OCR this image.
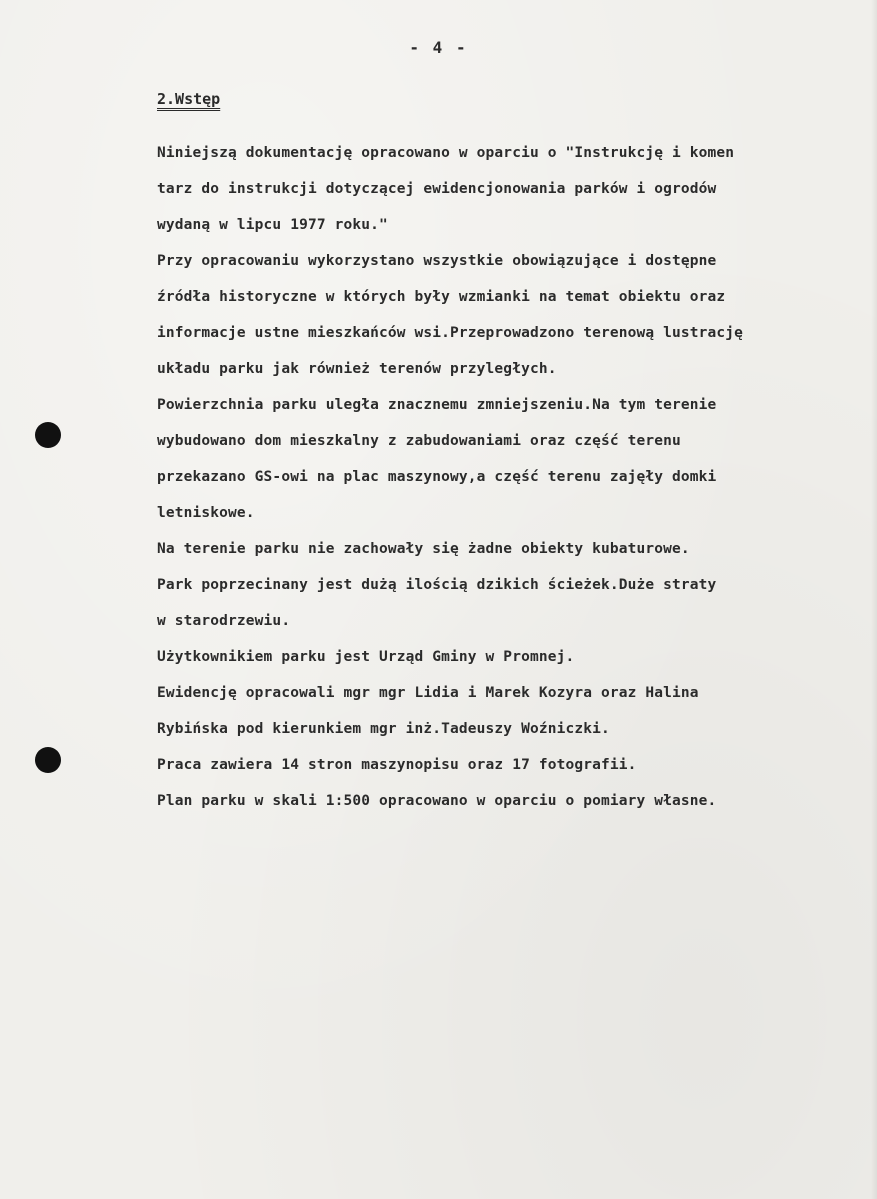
- 4 -
2.Wstęp
Niniejszą dokumentację opracowano w oparciu o "Instrukcję i komen
tarz do instrukcji dotyczącej ewidencjonowania parków i ogrodów
wydaną w lipcu 1977 roku."
Przy opracowaniu wykorzystano wszystkie obowiązujące i dostępne
źródła historyczne w których były wzmianki na temat obiektu oraz
informacje ustne mieszkańców wsi.Przeprowadzono terenową lustrację
układu parku jak również terenów przyległych.
Powierzchnia parku uległa znacznemu zmniejszeniu.Na tym terenie
wybudowano dom mieszkalny z zabudowaniami oraz część terenu
przekazano GS-owi na plac maszynowy,a część terenu zajęły domki
letniskowe.
Na terenie parku nie zachowały się żadne obiekty kubaturowe.
Park poprzecinany jest dużą ilością dzikich ścieżek.Duże straty
w starodrzewiu.
Użytkownikiem parku jest Urząd Gminy w Promnej.
Ewidencję opracowali mgr mgr Lidia i Marek Kozyra oraz Halina
Rybińska pod kierunkiem mgr inż.Tadeuszy Woźniczki.
Praca zawiera 14 stron maszynopisu oraz 17 fotografii.
Plan parku w skali 1:500 opracowano w oparciu o pomiary własne.
